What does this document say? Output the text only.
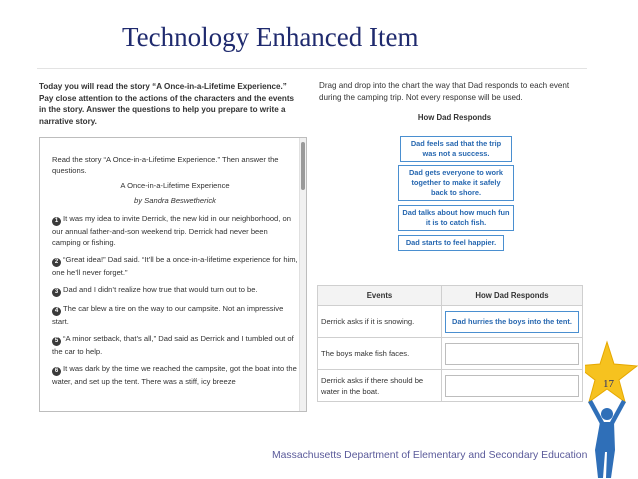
Technology Enhanced Item
Today you will read the story “A Once-in-a-Lifetime Experience.” Pay close attention to the actions of the characters and the events in the story. Answer the questions to help you prepare to write a narrative story.
Read the story “A Once-in-a-Lifetime Experience.” Then answer the questions.
A Once-in-a-Lifetime Experience
by Sandra Beswetherick
1 It was my idea to invite Derrick, the new kid in our neighborhood, on our annual father-and-son weekend trip. Derrick had never been camping or fishing.
2 “Great idea!” Dad said. “It’ll be a once-in-a-lifetime experience for him, one he’ll never forget.”
3 Dad and I didn’t realize how true that would turn out to be.
4 The car blew a tire on the way to our campsite. Not an impressive start.
5 “A minor setback, that’s all,” Dad said as Derrick and I tumbled out of the car to help.
6 It was dark by the time we reached the campsite, got the boat into the water, and set up the tent. There was a stiff, icy breeze
Drag and drop into the chart the way that Dad responds to each event during the camping trip. Not every response will be used.
How Dad Responds
Dad feels sad that the trip was not a success.
Dad gets everyone to work together to make it safely back to shore.
Dad talks about how much fun it is to catch fish.
Dad starts to feel happier.
Events	How Dad Responds
Derrick asks if it is snowing.	Dad hurries the boys into the tent.

The boys make fish faces.	

Derrick asks if there should be water in the boat.	
17
Massachusetts Department of Elementary and Secondary Education
